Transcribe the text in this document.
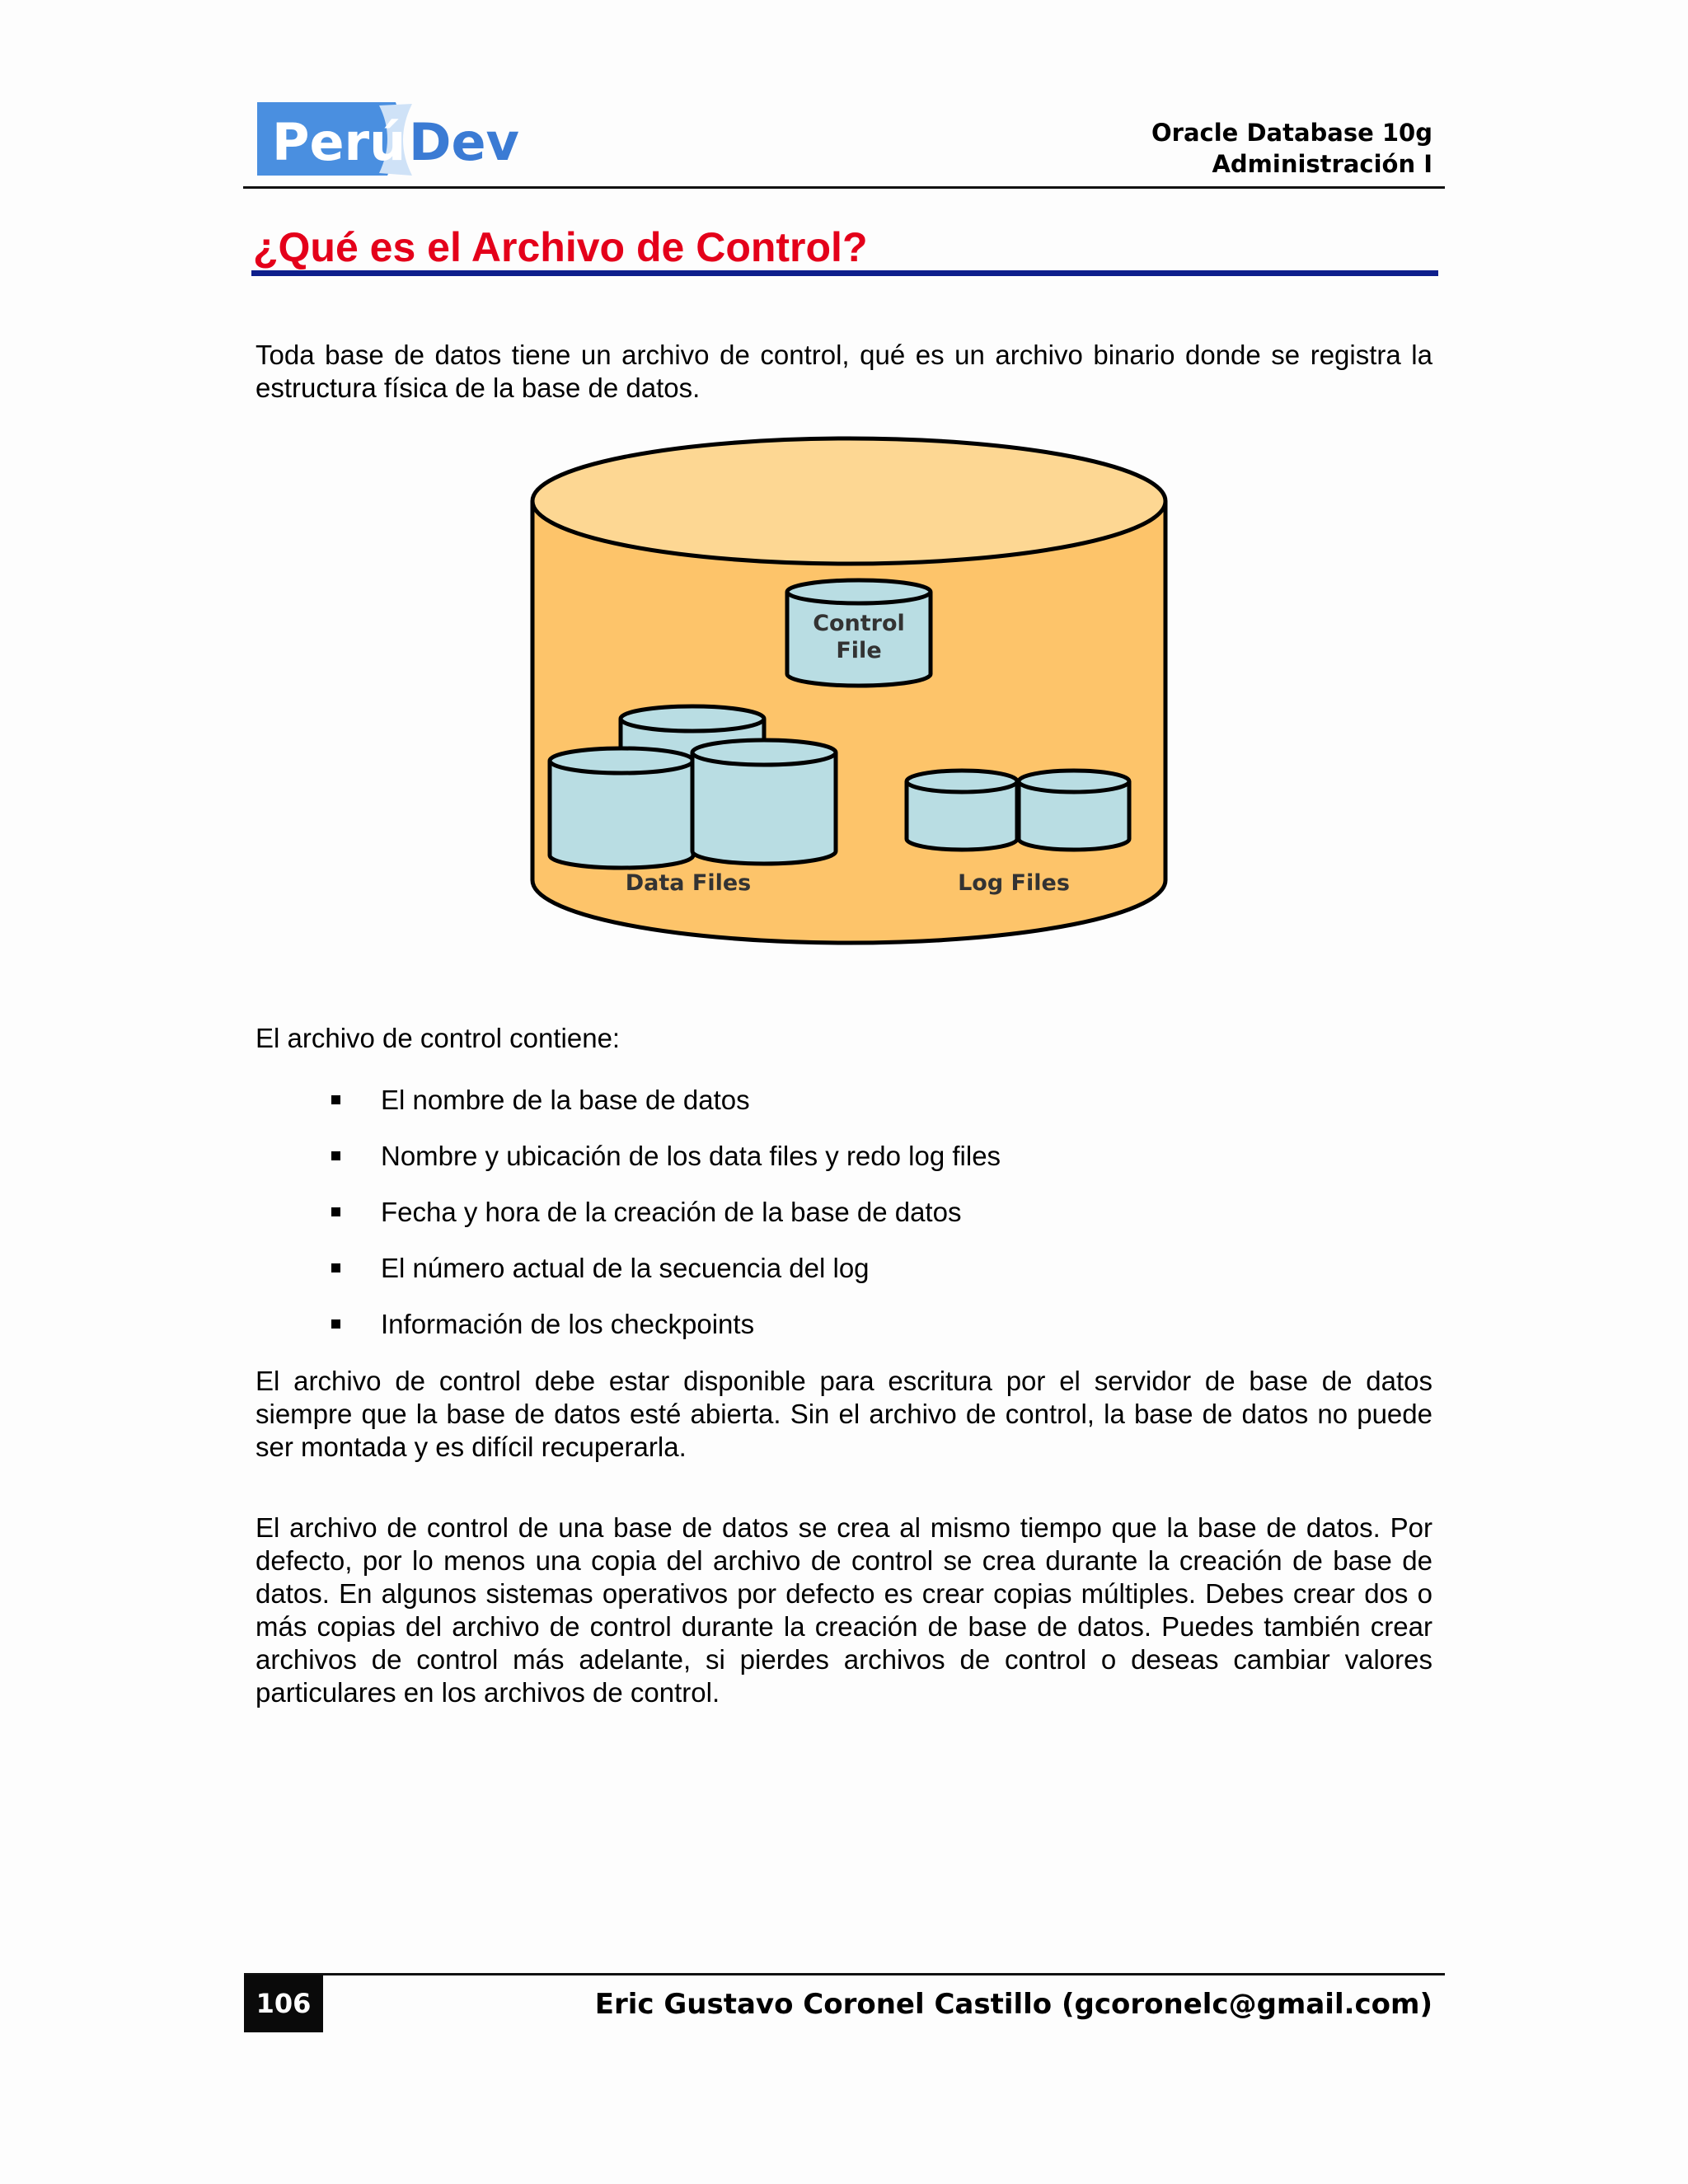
Perú Dev	Oracle Database 10g
Administración I
¿Qué es el Archivo de Control?

Toda base de datos tiene un archivo de control, qué es un archivo binario donde se registra la estructura física de la base de datos.

Control
File
Data Files	Log Files

El archivo de control contiene:

El nombre de la base de datos
Nombre y ubicación de los data files y redo log files
Fecha y hora de la creación de la base de datos
El número actual de la secuencia del log
Información de los checkpoints

El archivo de control debe estar disponible para escritura por el servidor de base de datos siempre que la base de datos esté abierta. Sin el archivo de control, la base de datos no puede ser montada y es difícil recuperarla.

El archivo de control de una base de datos se crea al mismo tiempo que la base de datos. Por defecto, por lo menos una copia del archivo de control se crea durante la creación de base de datos. En algunos sistemas operativos por defecto es crear copias múltiples. Debes crear dos o más copias del archivo de control durante la creación de base de datos. Puedes también crear archivos de control más adelante, si pierdes archivos de control o deseas cambiar valores particulares en los archivos de control.

106	Eric Gustavo Coronel Castillo (gcoronelc@gmail.com)
